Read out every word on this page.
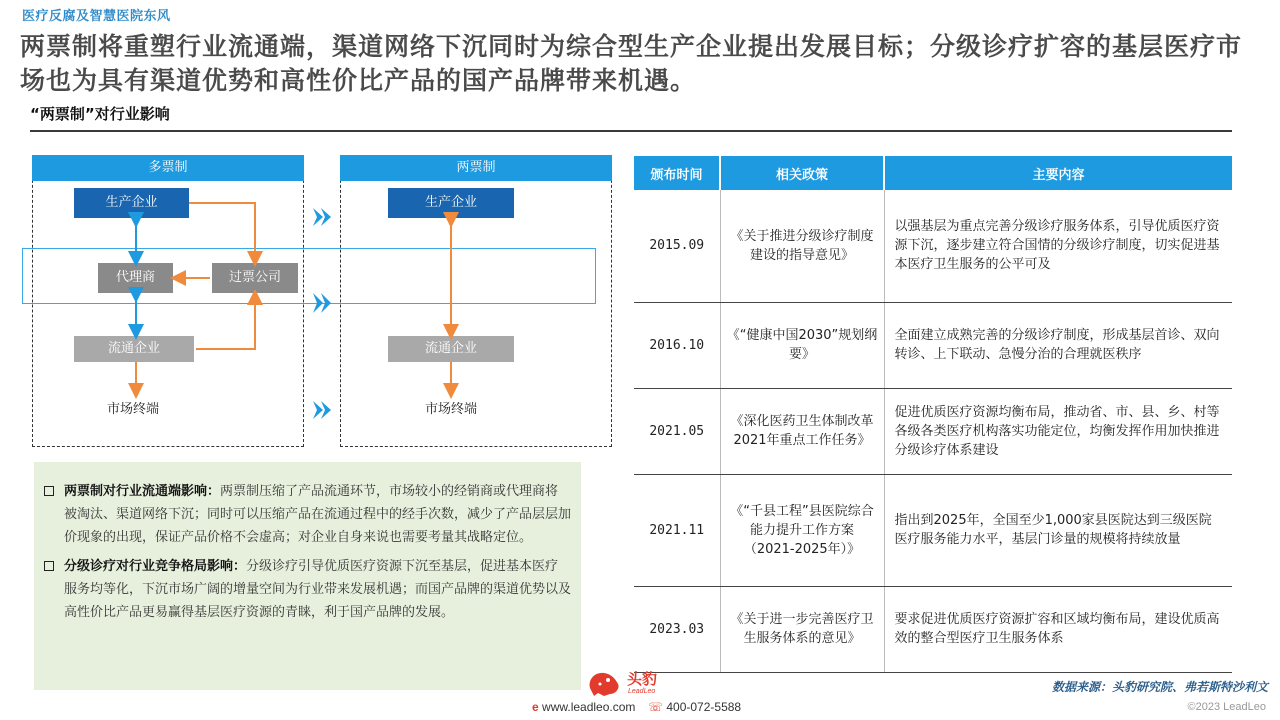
医疗反腐及智慧医院东风
两票制将重塑行业流通端，渠道网络下沉同时为综合型生产企业提出发展目标；分级诊疗扩容的基层医疗市场也为具有渠道优势和高性价比产品的国产品牌带来机遇。
“两票制”对行业影响
多票制	两票制
生产企业
代理商	过票公司
流通企业
市场终端
生产企业
流通企业
市场终端
两票制对行业流通端影响：两票制压缩了产品流通环节，市场较小的经销商或代理商将被淘汰、渠道网络下沉；同时可以压缩产品在流通过程中的经手次数，减少了产品层层加价现象的出现，保证产品价格不会虚高；对企业自身来说也需要考量其战略定位。
分级诊疗对行业竞争格局影响：分级诊疗引导优质医疗资源下沉至基层，促进基本医疗服务均等化，下沉市场广阔的增量空间为行业带来发展机遇；而国产品牌的渠道优势以及高性价比产品更易赢得基层医疗资源的青睐，利于国产品牌的发展。
颁布时间	相关政策	主要内容
2015.09	《关于推进分级诊疗制度建设的指导意见》	以强基层为重点完善分级诊疗服务体系，引导优质医疗资源下沉，逐步建立符合国情的分级诊疗制度，切实促进基本医疗卫生服务的公平可及
2016.10	《“健康中国2030”规划纲要》	全面建立成熟完善的分级诊疗制度，形成基层首诊、双向转诊、上下联动、急慢分治的合理就医秩序
2021.05	《深化医药卫生体制改革2021年重点工作任务》	促进优质医疗资源均衡布局，推动省、市、县、乡、村等各级各类医疗机构落实功能定位，均衡发挥作用加快推进分级诊疗体系建设
2021.11	《“千县工程”县医院综合能力提升工作方案（2021-2025年）》	指出到2025年，全国至少1,000家县医院达到三级医院医疗服务能力水平，基层门诊量的规模将持续放量
2023.03	《关于进一步完善医疗卫生服务体系的意见》	要求促进优质医疗资源扩容和区域均衡布局，建设优质高效的整合型医疗卫生服务体系
数据来源：头豹研究院、弗若斯特沙利文
头豹
LeadLeo
e www.leadleo.com ☏ 400-072-5588	©2023 LeadLeo
